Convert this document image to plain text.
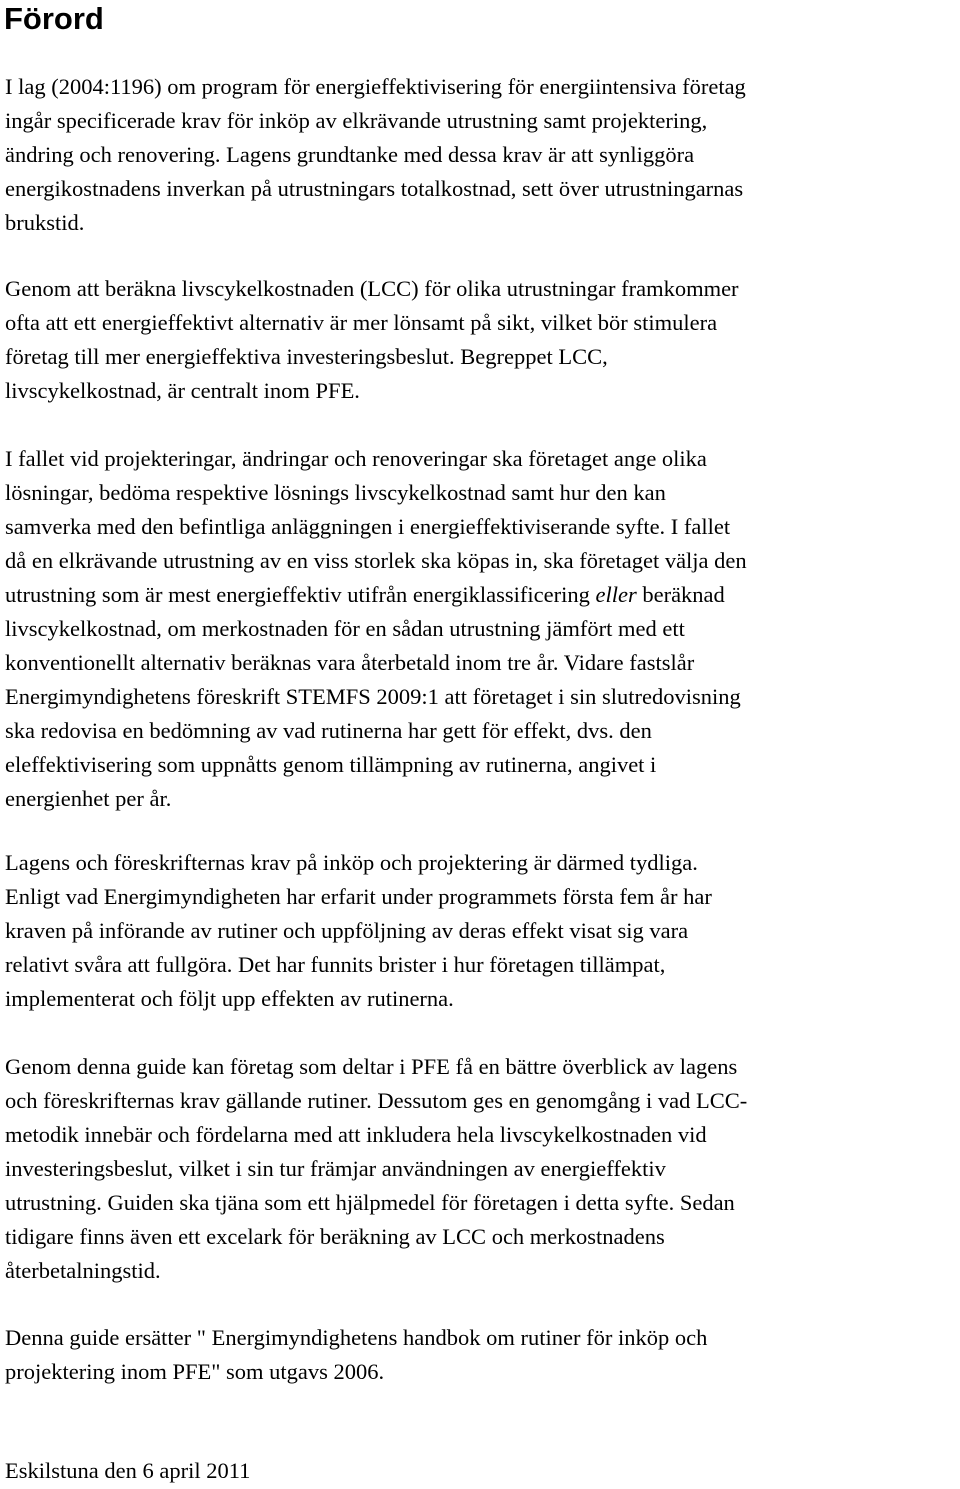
Förord

I lag (2004:1196) om program för energieffektivisering för energiintensiva företag
ingår specificerade krav för inköp av elkrävande utrustning samt projektering,
ändring och renovering. Lagens grundtanke med dessa krav är att synliggöra
energikostnadens inverkan på utrustningars totalkostnad, sett över utrustningarnas
brukstid.

Genom att beräkna livscykelkostnaden (LCC) för olika utrustningar framkommer
ofta att ett energieffektivt alternativ är mer lönsamt på sikt, vilket bör stimulera
företag till mer energieffektiva investeringsbeslut. Begreppet LCC,
livscykelkostnad, är centralt inom PFE.

I fallet vid projekteringar, ändringar och renoveringar ska företaget ange olika
lösningar, bedöma respektive lösnings livscykelkostnad samt hur den kan
samverka med den befintliga anläggningen i energieffektiviserande syfte. I fallet
då en elkrävande utrustning av en viss storlek ska köpas in, ska företaget välja den
utrustning som är mest energieffektiv utifrån energiklassificering eller beräknad
livscykelkostnad, om merkostnaden för en sådan utrustning jämfört med ett
konventionellt alternativ beräknas vara återbetald inom tre år. Vidare fastslår
Energimyndighetens föreskrift STEMFS 2009:1 att företaget i sin slutredovisning
ska redovisa en bedömning av vad rutinerna har gett för effekt, dvs. den
eleffektivisering som uppnåtts genom tillämpning av rutinerna, angivet i
energienhet per år.

Lagens och föreskrifternas krav på inköp och projektering är därmed tydliga.
Enligt vad Energimyndigheten har erfarit under programmets första fem år har
kraven på införande av rutiner och uppföljning av deras effekt visat sig vara
relativt svåra att fullgöra. Det har funnits brister i hur företagen tillämpat,
implementerat och följt upp effekten av rutinerna.

Genom denna guide kan företag som deltar i PFE få en bättre överblick av lagens
och föreskrifternas krav gällande rutiner. Dessutom ges en genomgång i vad LCC-
metodik innebär och fördelarna med att inkludera hela livscykelkostnaden vid
investeringsbeslut, vilket i sin tur främjar användningen av energieffektiv
utrustning. Guiden ska tjäna som ett hjälpmedel för företagen i detta syfte. Sedan
tidigare finns även ett excelark för beräkning av LCC och merkostnadens
återbetalningstid.

Denna guide ersätter " Energimyndighetens handbok om rutiner för inköp och
projektering inom PFE" som utgavs 2006.

Eskilstuna den 6 april 2011
